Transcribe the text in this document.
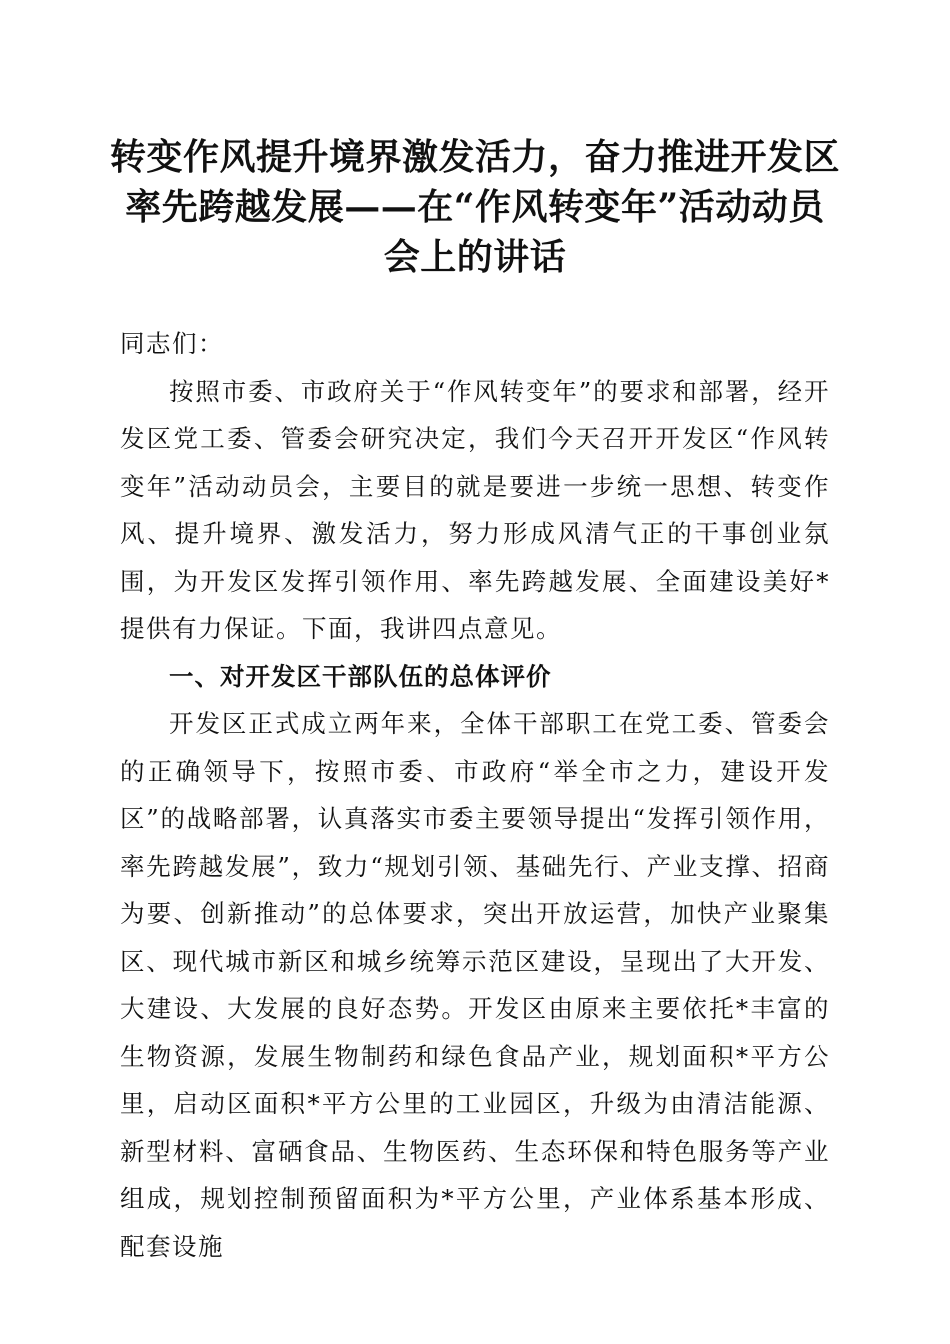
转变作风提升境界激发活力，奋力推进开发区率先跨越发展——在“作风转变年”活动动员会上的讲话

同志们：

按照市委、市政府关于“作风转变年”的要求和部署，经开发区党工委、管委会研究决定，我们今天召开开发区“作风转变年”活动动员会，主要目的就是要进一步统一思想、转变作风、提升境界、激发活力，努力形成风清气正的干事创业氛围，为开发区发挥引领作用、率先跨越发展、全面建设美好*提供有力保证。下面，我讲四点意见。

一、对开发区干部队伍的总体评价

开发区正式成立两年来，全体干部职工在党工委、管委会的正确领导下，按照市委、市政府“举全市之力，建设开发区”的战略部署，认真落实市委主要领导提出“发挥引领作用，率先跨越发展”，致力“规划引领、基础先行、产业支撑、招商为要、创新推动”的总体要求，突出开放运营，加快产业聚集区、现代城市新区和城乡统筹示范区建设，呈现出了大开发、大建设、大发展的良好态势。开发区由原来主要依托*丰富的生物资源，发展生物制药和绿色食品产业，规划面积*平方公里，启动区面积*平方公里的工业园区，升级为由清洁能源、新型材料、富硒食品、生物医药、生态环保和特色服务等产业组成，规划控制预留面积为*平方公里，产业体系基本形成、配套设施
